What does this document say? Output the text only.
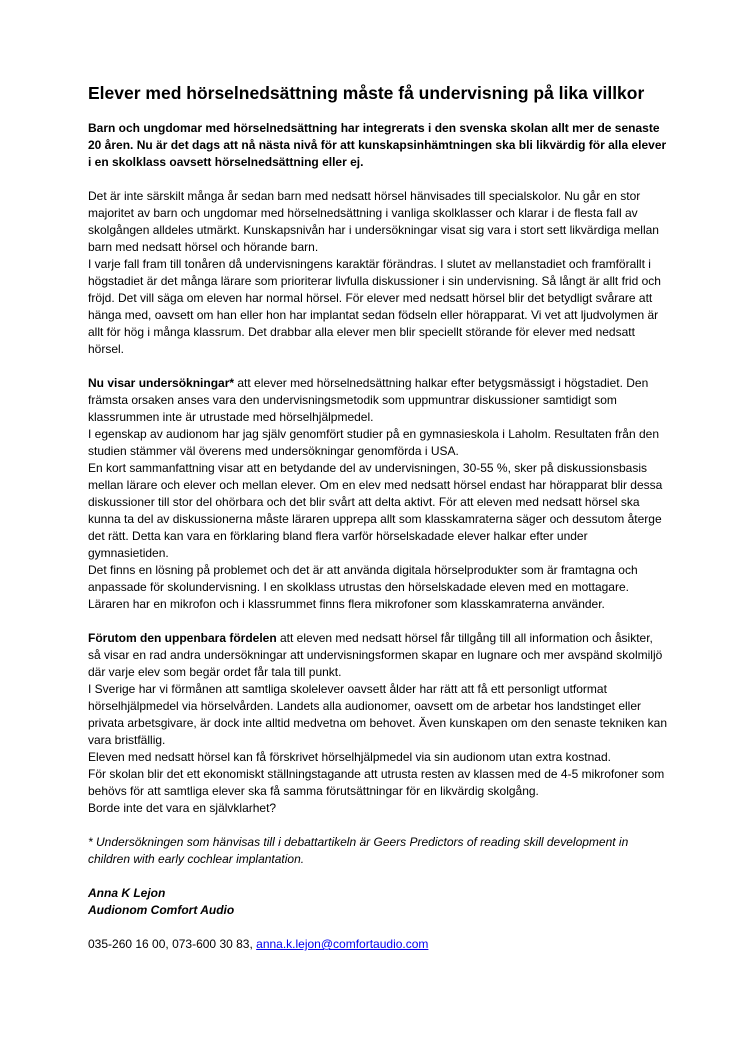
Elever med hörselnedsättning måste få undervisning på lika villkor

Barn och ungdomar med hörselnedsättning har integrerats i den svenska skolan allt mer de senaste 20 åren. Nu är det dags att nå nästa nivå för att kunskapsinhämtningen ska bli likvärdig för alla elever i en skolklass oavsett hörselnedsättning eller ej.

Det är inte särskilt många år sedan barn med nedsatt hörsel hänvisades till specialskolor. Nu går en stor majoritet av barn och ungdomar med hörselnedsättning i vanliga skolklasser och klarar i de flesta fall av skolgången alldeles utmärkt. Kunskapsnivån har i undersökningar visat sig vara i stort sett likvärdiga mellan barn med nedsatt hörsel och hörande barn.

I varje fall fram till tonåren då undervisningens karaktär förändras. I slutet av mellanstadiet och framförallt i högstadiet är det många lärare som prioriterar livfulla diskussioner i sin undervisning. Så långt är allt frid och fröjd. Det vill säga om eleven har normal hörsel. För elever med nedsatt hörsel blir det betydligt svårare att hänga med, oavsett om han eller hon har implantat sedan födseln eller hörapparat. Vi vet att ljudvolymen är allt för hög i många klassrum. Det drabbar alla elever men blir speciellt störande för elever med nedsatt hörsel.

Nu visar undersökningar* att elever med hörselnedsättning halkar efter betygsmässigt i högstadiet. Den främsta orsaken anses vara den undervisningsmetodik som uppmuntrar diskussioner samtidigt som klassrummen inte är utrustade med hörselhjälpmedel.

I egenskap av audionom har jag själv genomfört studier på en gymnasieskola i Laholm. Resultaten från den studien stämmer väl överens med undersökningar genomförda i USA.

En kort sammanfattning visar att en betydande del av undervisningen, 30-55 %, sker på diskussionsbasis mellan lärare och elever och mellan elever. Om en elev med nedsatt hörsel endast har hörapparat blir dessa diskussioner till stor del ohörbara och det blir svårt att delta aktivt. För att eleven med nedsatt hörsel ska kunna ta del av diskussionerna måste läraren upprepa allt som klasskamraterna säger och dessutom återge det rätt. Detta kan vara en förklaring bland flera varför hörselskadade elever halkar efter under gymnasietiden.

Det finns en lösning på problemet och det är att använda digitala hörselprodukter som är framtagna och anpassade för skolundervisning. I en skolklass utrustas den hörselskadade eleven med en mottagare. Läraren har en mikrofon och i klassrummet finns flera mikrofoner som klasskamraterna använder.

Förutom den uppenbara fördelen att eleven med nedsatt hörsel får tillgång till all information och åsikter, så visar en rad andra undersökningar att undervisningsformen skapar en lugnare och mer avspänd skolmiljö där varje elev som begär ordet får tala till punkt.

I Sverige har vi förmånen att samtliga skolelever oavsett ålder har rätt att få ett personligt utformat hörselhjälpmedel via hörselvården. Landets alla audionomer, oavsett om de arbetar hos landstinget eller privata arbetsgivare, är dock inte alltid medvetna om behovet. Även kunskapen om den senaste tekniken kan vara bristfällig.

Eleven med nedsatt hörsel kan få förskrivet hörselhjälpmedel via sin audionom utan extra kostnad.

För skolan blir det ett ekonomiskt ställningstagande att utrusta resten av klassen med de 4-5 mikrofoner som behövs för att samtliga elever ska få samma förutsättningar för en likvärdig skolgång.

Borde inte det vara en självklarhet?

* Undersökningen som hänvisas till i debattartikeln är Geers Predictors of reading skill development in children with early cochlear implantation.

Anna K Lejon

Audionom Comfort Audio

035-260 16 00, 073-600 30 83, anna.k.lejon@comfortaudio.com
